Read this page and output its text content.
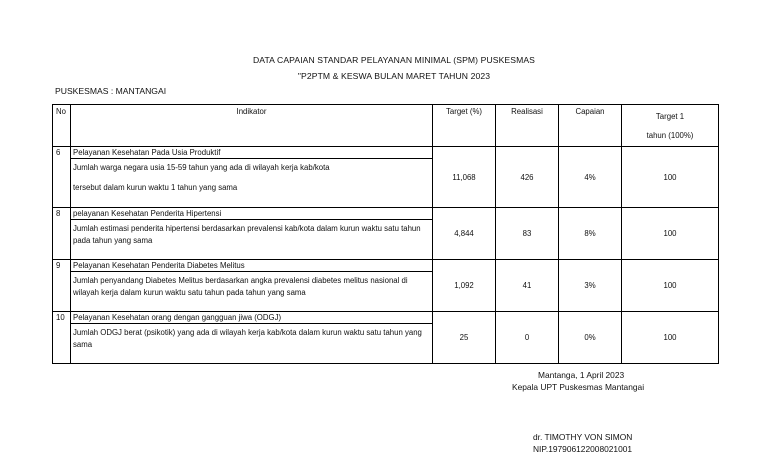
DATA CAPAIAN STANDAR PELAYANAN MINIMAL (SPM) PUSKESMAS
"P2PTM & KESWA BULAN MARET TAHUN 2023
PUSKESMAS : MANTANGAI
No	Indikator	Target (%)	Realisasi	Capaian	Target 1
tahun (100%)
6	Pelayanan Kesehatan Pada Usia Produktif
Jumlah warga negara usia 15-59 tahun yang ada di wilayah kerja kab/kota
tersebut dalam kurun waktu 1 tahun yang sama	11,068	426	4%	100
8	pelayanan Kesehatan Penderita Hipertensi
Jumlah estimasi penderita hipertensi berdasarkan prevalensi kab/kota dalam kurun waktu satu tahun pada tahun yang sama	4,844	83	8%	100
9	Pelayanan Kesehatan Penderita Diabetes Melitus
Jumlah penyandang Diabetes Melitus berdasarkan angka prevalensi diabetes melitus nasional di wilayah kerja dalam kurun waktu satu tahun pada tahun yang sama	1,092	41	3%	100
10	Pelayanan Kesehatan orang dengan gangguan jiwa (ODGJ)
Jumlah ODGJ berat (psikotik) yang ada di wilayah kerja kab/kota dalam kurun waktu satu tahun yang sama	25	0	0%	100
Mantanga, 1 April 2023
Kepala UPT Puskesmas Mantangai
dr. TIMOTHY VON SIMON
NIP.197906122008021001
